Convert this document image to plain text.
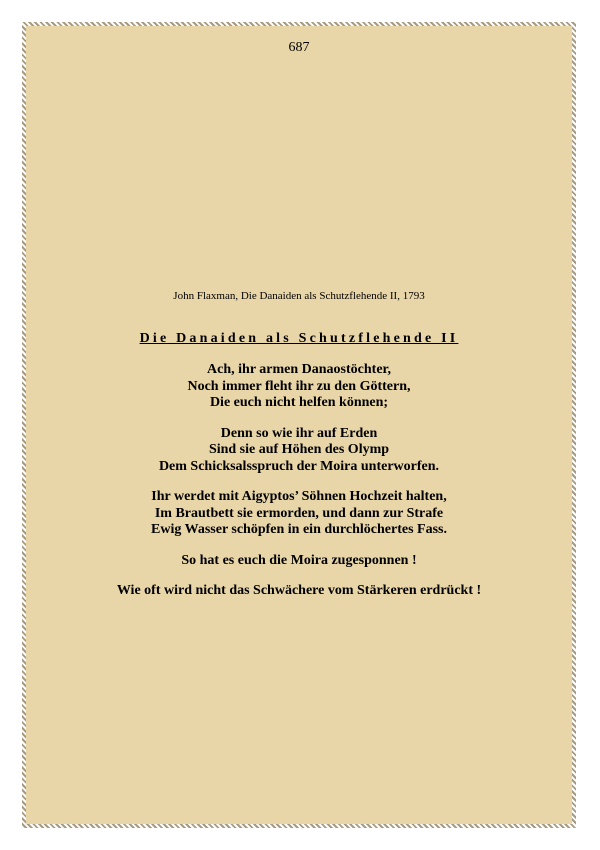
687
John Flaxman, Die Danaiden als Schutzflehende II, 1793
Die Danaiden als Schutzflehende II
Ach, ihr armen Danaostöchter,
Noch immer fleht ihr zu den Göttern,
Die euch nicht helfen können;
Denn so wie ihr auf Erden
Sind sie auf Höhen des Olymp
Dem Schicksalsspruch der Moira unterworfen.
Ihr werdet mit Aigyptos’ Söhnen Hochzeit halten,
Im Brautbett sie ermorden, und dann zur Strafe
Ewig Wasser schöpfen in ein durchlöchertes Fass.
So hat es euch die Moira zugesponnen !
Wie oft wird nicht das Schwächere vom Stärkeren erdrückt !
